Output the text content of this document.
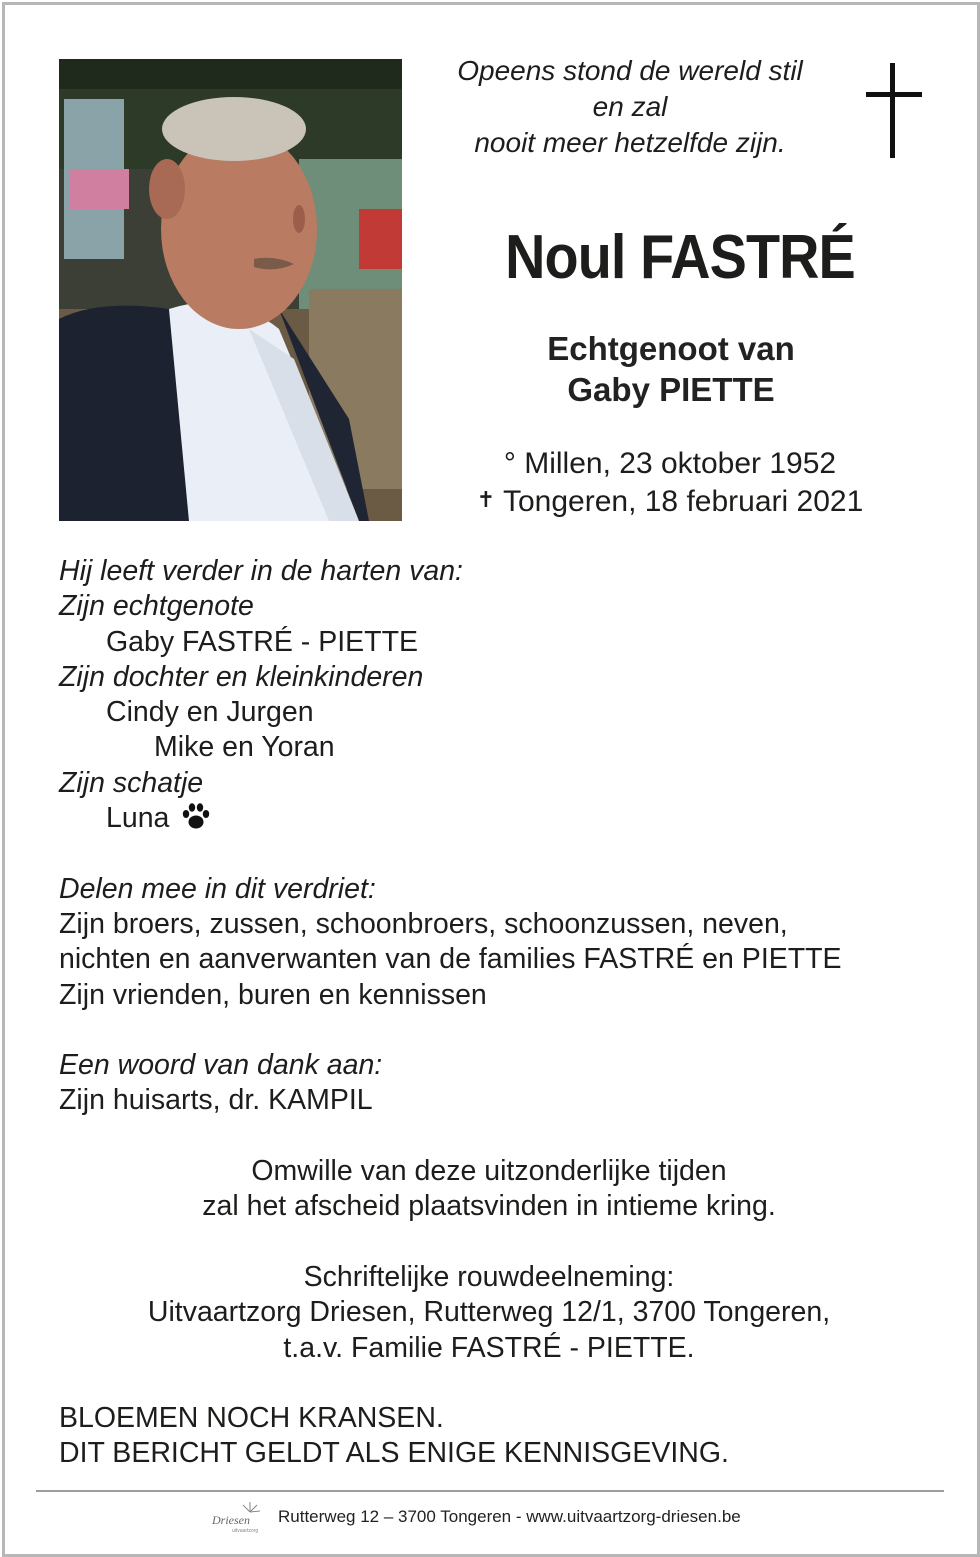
Opeens stond de wereld stil
en zal
nooit meer hetzelfde zijn.
Noul FASTRÉ
Echtgenoot van
Gaby PIETTE
° Millen, 23 oktober 1952
✝ Tongeren, 18 februari 2021
Hij leeft verder in de harten van:
Zijn echtgenote
Gaby FASTRÉ - PIETTE
Zijn dochter en kleinkinderen
Cindy en Jurgen
Mike en Yoran
Zijn schatje
Luna
Delen mee in dit verdriet:
Zijn broers, zussen, schoonbroers, schoonzussen, neven,
nichten en aanverwanten van de families FASTRÉ en PIETTE
Zijn vrienden, buren en kennissen
Een woord van dank aan:
Zijn huisarts, dr. KAMPIL
Omwille van deze uitzonderlijke tijden
zal het afscheid plaatsvinden in intieme kring.
Schriftelijke rouwdeelneming:
Uitvaartzorg Driesen, Rutterweg 12/1, 3700 Tongeren,
t.a.v. Familie FASTRÉ - PIETTE.
BLOEMEN NOCH KRANSEN.
DIT BERICHT GELDT ALS ENIGE KENNISGEVING.
Driesen
uitvaartzorg
Rutterweg 12 – 3700 Tongeren - www.uitvaartzorg-driesen.be
